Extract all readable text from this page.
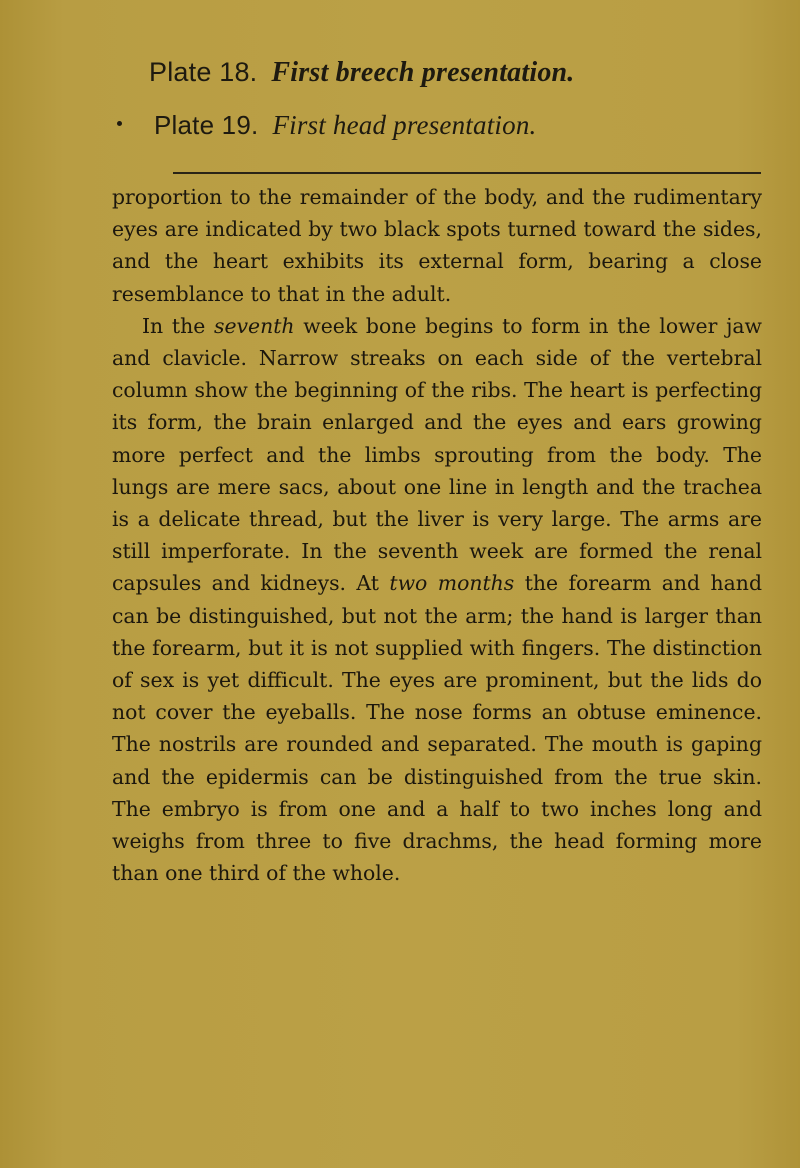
Plate 18. First breech presentation.
Plate 19. First head presentation.

proportion to the remainder of the body, and the rudimentary eyes are indicated by two black spots turned toward the sides, and the heart exhibits its external form, bearing a close resemblance to that in the adult.

In the seventh week bone begins to form in the lower jaw and clavicle. Narrow streaks on each side of the vertebral column show the beginning of the ribs. The heart is perfecting its form, the brain enlarged and the eyes and ears growing more perfect and the limbs sprouting from the body. The lungs are mere sacs, about one line in length and the trachea is a delicate thread, but the liver is very large. The arms are still imperforate. In the seventh week are formed the renal capsules and kidneys. At two months the forearm and hand can be distinguished, but not the arm; the hand is larger than the forearm, but it is not supplied with fingers. The distinction of sex is yet difficult. The eyes are prominent, but the lids do not cover the eyeballs. The nose forms an obtuse eminence. The nostrils are rounded and separated. The mouth is gaping and the epidermis can be distinguished from the true skin. The embryo is from one and a half to two inches long and weighs from three to five drachms, the head forming more than one third of the whole.
